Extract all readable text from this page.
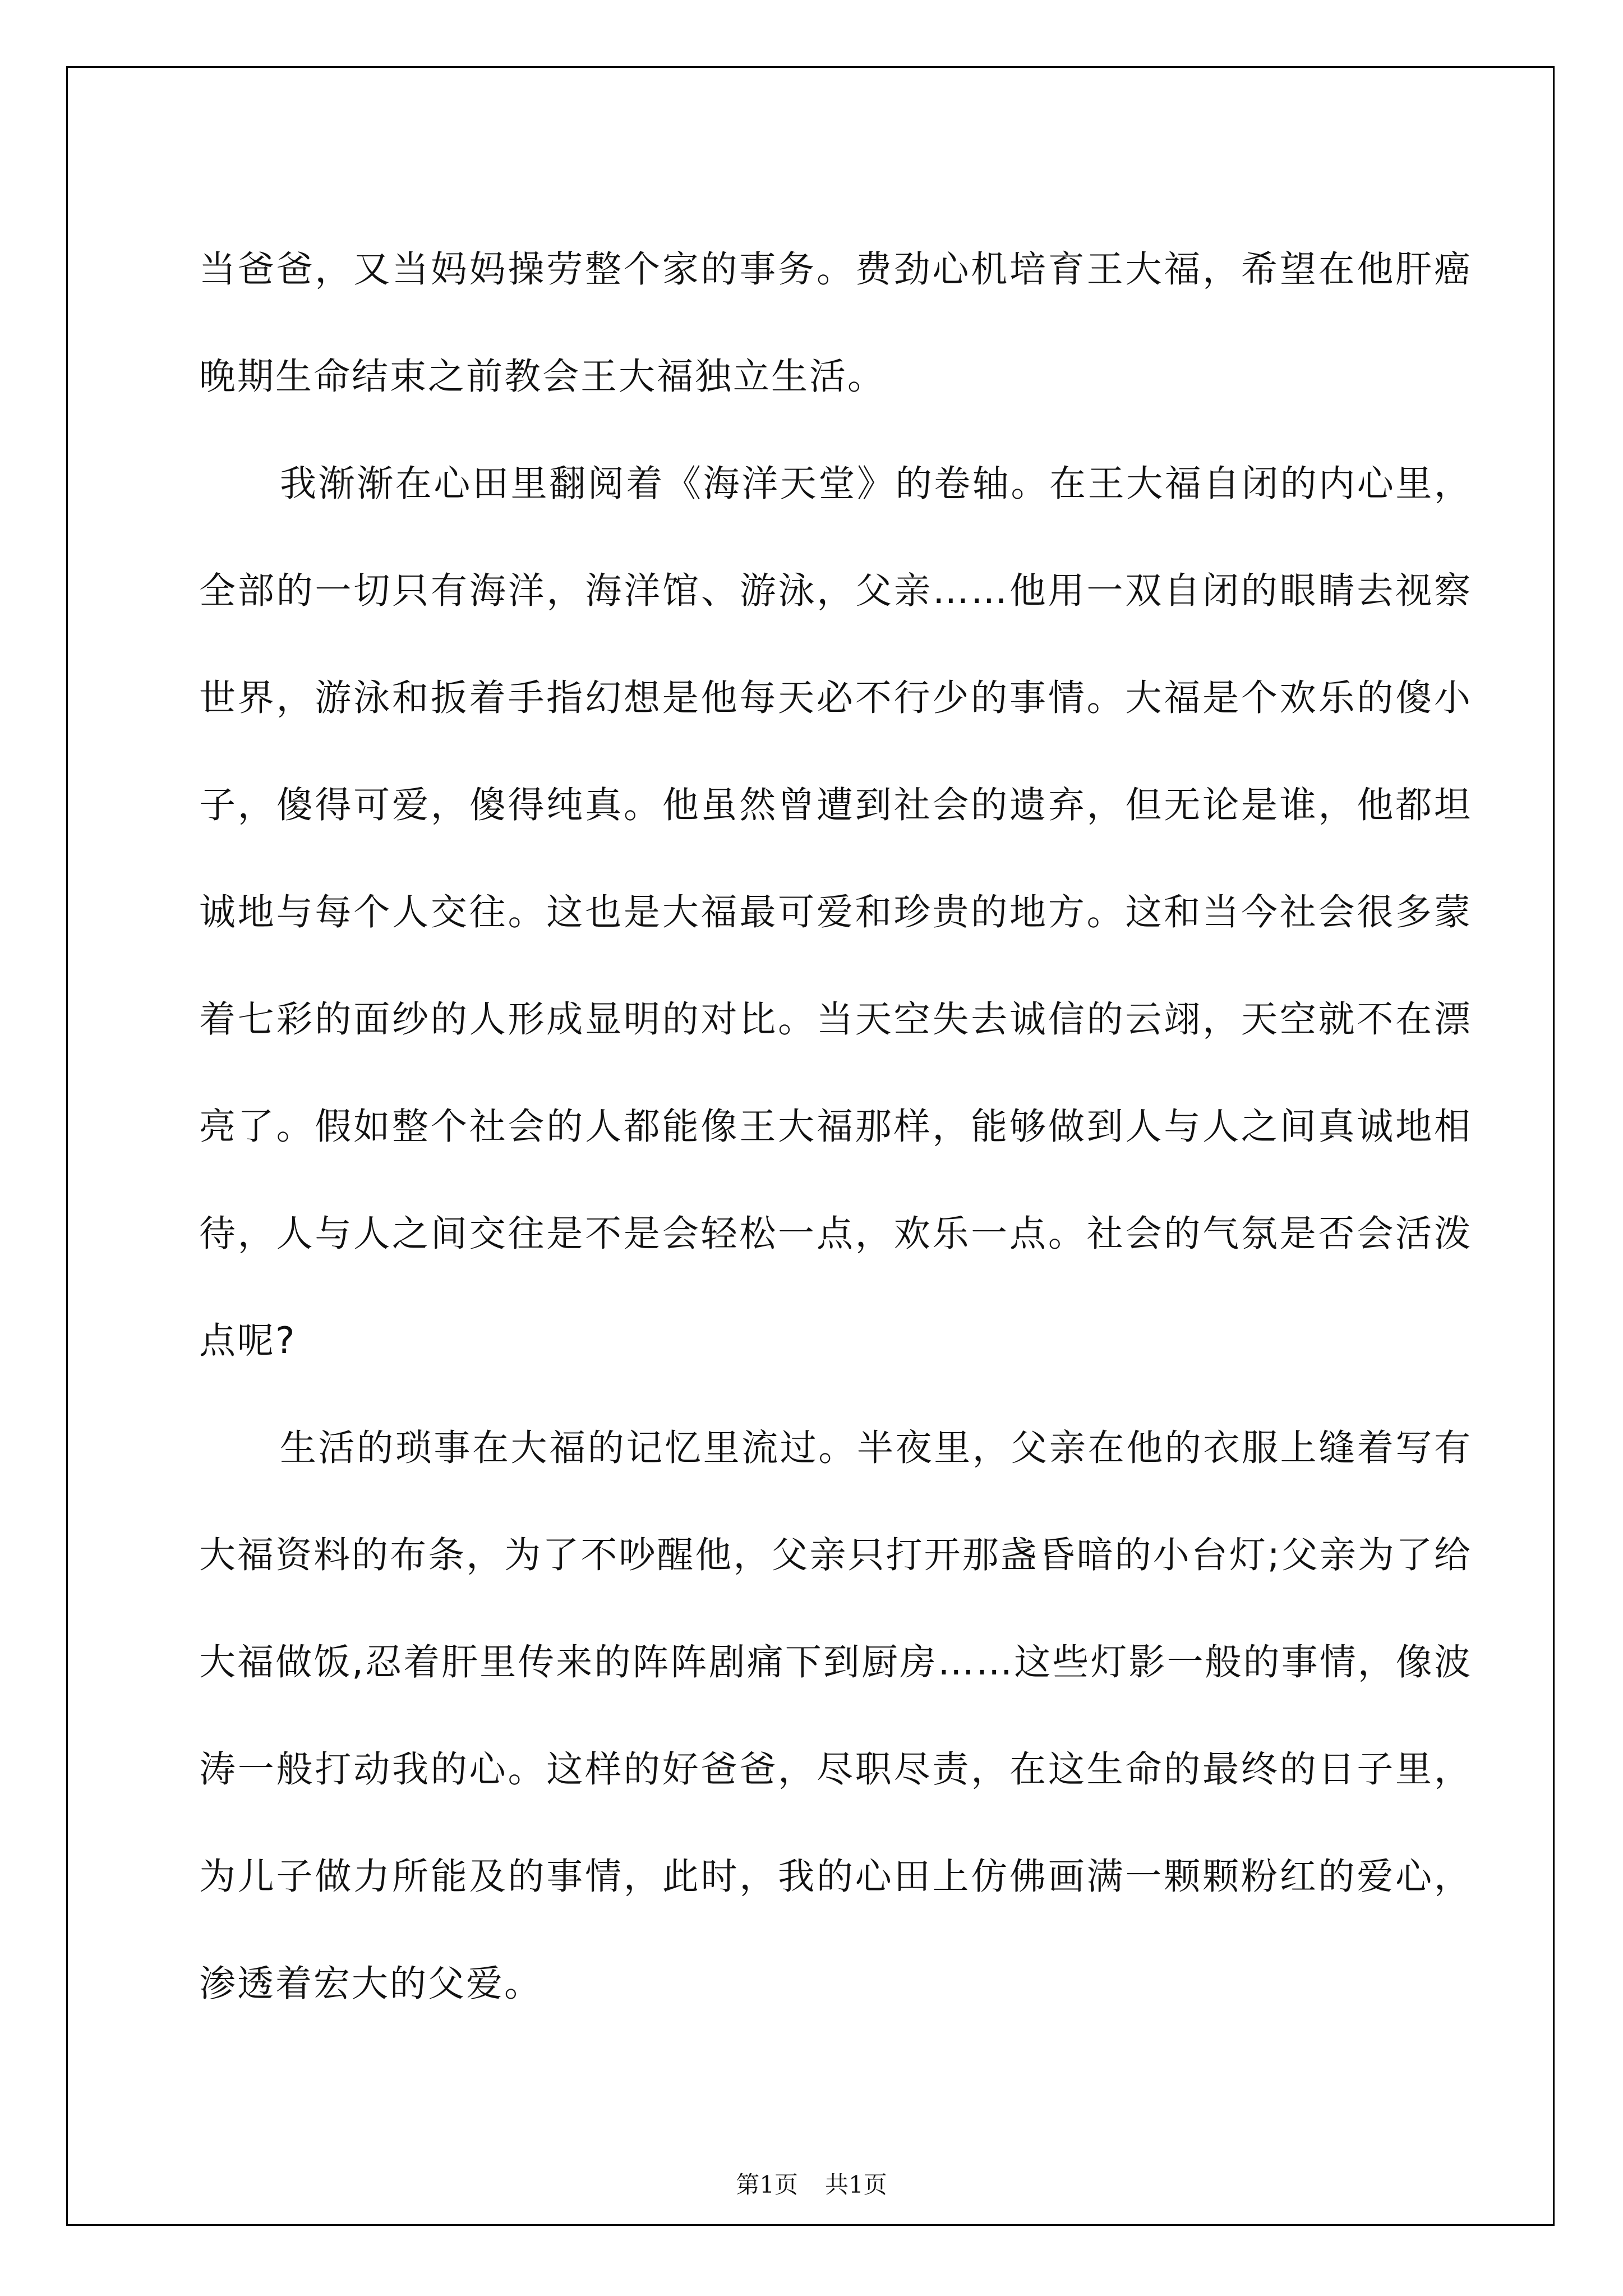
当爸爸，又当妈妈操劳整个家的事务。费劲心机培育王大福，希望在他肝癌晚期生命结束之前教会王大福独立生活。

我渐渐在心田里翻阅着《海洋天堂》的卷轴。在王大福自闭的内心里，全部的一切只有海洋，海洋馆、游泳，父亲……他用一双自闭的眼睛去视察世界，游泳和扳着手指幻想是他每天必不行少的事情。大福是个欢乐的傻小子，傻得可爱，傻得纯真。他虽然曾遭到社会的遗弃，但无论是谁，他都坦诚地与每个人交往。这也是大福最可爱和珍贵的地方。这和当今社会很多蒙着七彩的面纱的人形成显明的对比。当天空失去诚信的云翊，天空就不在漂亮了。假如整个社会的人都能像王大福那样，能够做到人与人之间真诚地相待，人与人之间交往是不是会轻松一点，欢乐一点。社会的气氛是否会活泼点呢?

生活的琐事在大福的记忆里流过。半夜里，父亲在他的衣服上缝着写有大福资料的布条，为了不吵醒他，父亲只打开那盏昏暗的小台灯;父亲为了给大福做饭,忍着肝里传来的阵阵剧痛下到厨房……这些灯影一般的事情，像波涛一般打动我的心。这样的好爸爸，尽职尽责，在这生命的最终的日子里，为儿子做力所能及的事情，此时，我的心田上仿佛画满一颗颗粉红的爱心，渗透着宏大的父爱。

第1页 共1页
